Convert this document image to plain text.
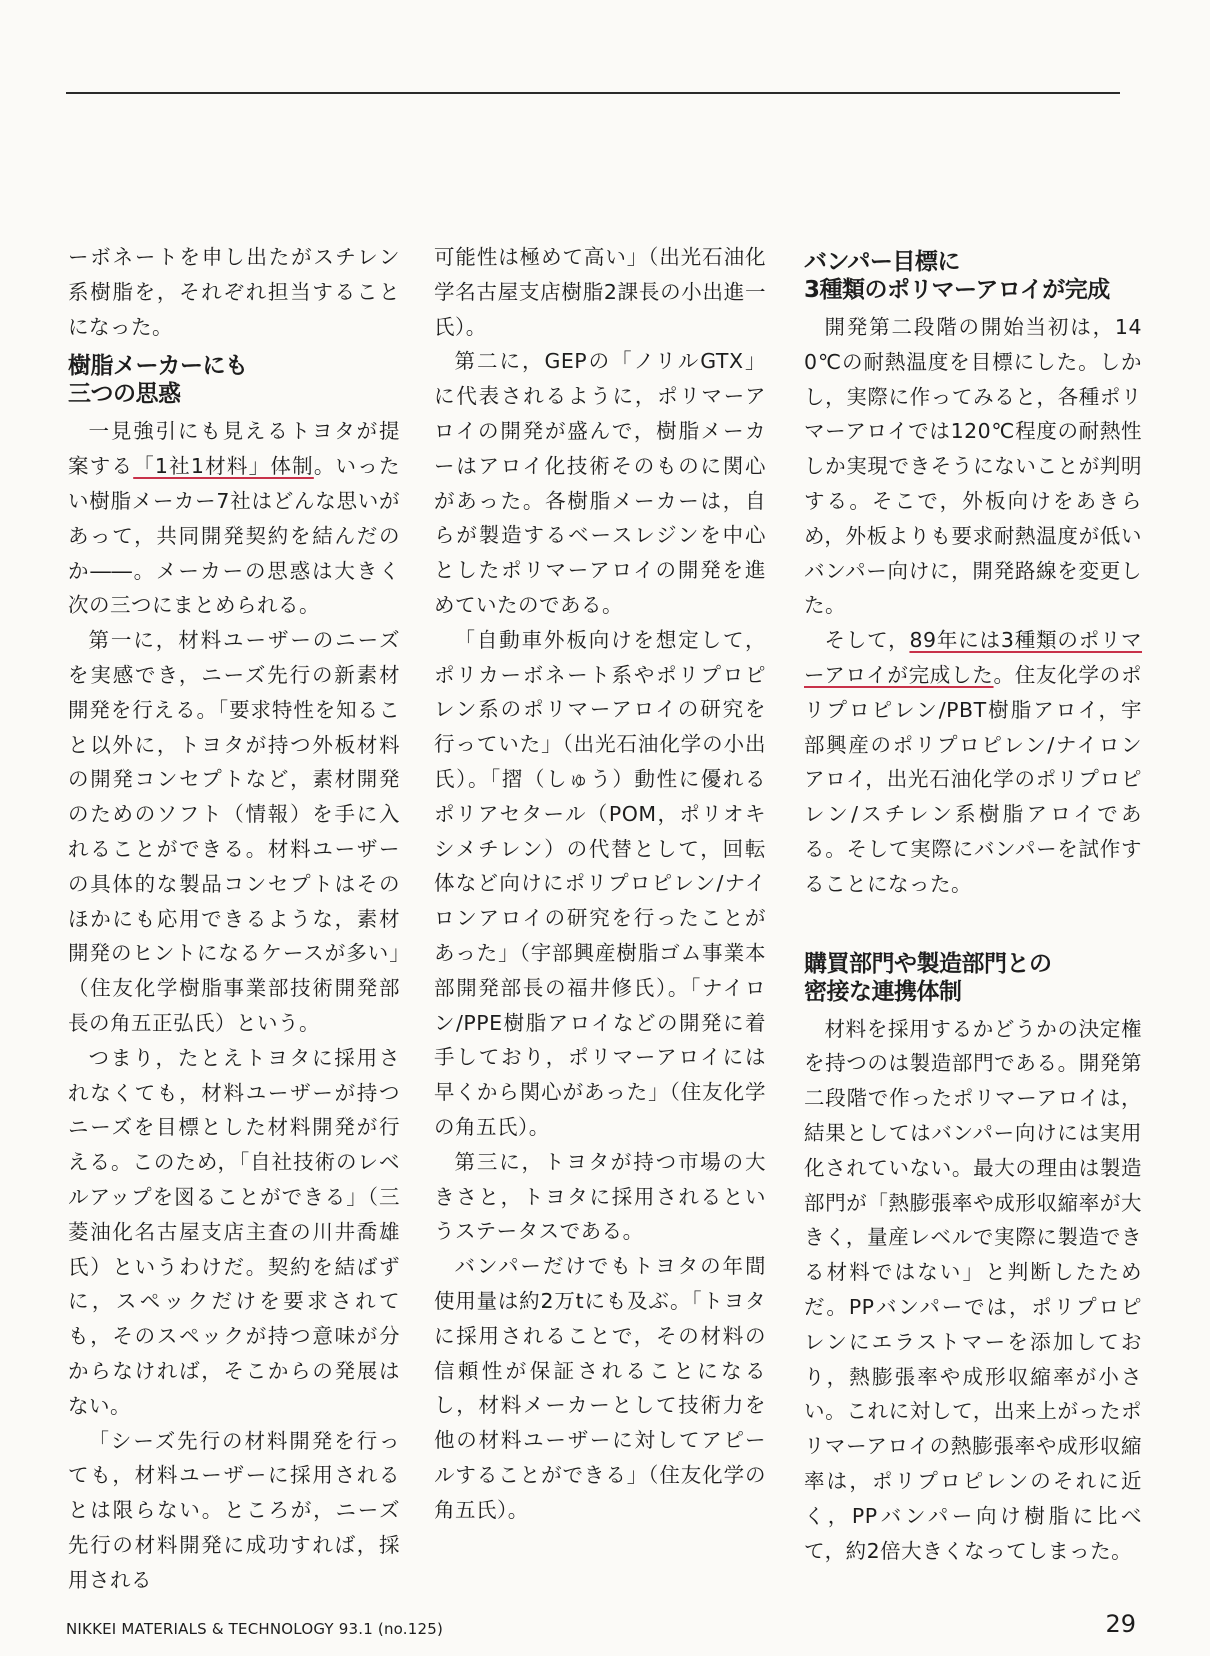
ーボネートを申し出たがスチレン系樹脂を，それぞれ担当することになった。

樹脂メーカーにも
三つの思惑

一見強引にも見えるトヨタが提案する「1社1材料」体制。いったい樹脂メーカー7社はどんな思いがあって，共同開発契約を結んだのか――。メーカーの思惑は大きく次の三つにまとめられる。

第一に，材料ユーザーのニーズを実感でき，ニーズ先行の新素材開発を行える。「要求特性を知ること以外に，トヨタが持つ外板材料の開発コンセプトなど，素材開発のためのソフト（情報）を手に入れることができる。材料ユーザーの具体的な製品コンセプトはそのほかにも応用できるような，素材開発のヒントになるケースが多い」（住友化学樹脂事業部技術開発部長の角五正弘氏）という。

つまり，たとえトヨタに採用されなくても，材料ユーザーが持つニーズを目標とした材料開発が行える。このため，「自社技術のレベルアップを図ることができる」（三菱油化名古屋支店主査の川井喬雄氏）というわけだ。契約を結ばずに，スペックだけを要求されても，そのスペックが持つ意味が分からなければ，そこからの発展はない。

「シーズ先行の材料開発を行っても，材料ユーザーに採用されるとは限らない。ところが，ニーズ先行の材料開発に成功すれば，採用される

可能性は極めて高い」（出光石油化学名古屋支店樹脂2課長の小出進一氏）。

第二に，GEPの「ノリルGTX」に代表されるように，ポリマーアロイの開発が盛んで，樹脂メーカーはアロイ化技術そのものに関心があった。各樹脂メーカーは，自らが製造するベースレジンを中心としたポリマーアロイの開発を進めていたのである。

「自動車外板向けを想定して，ポリカーボネート系やポリプロピレン系のポリマーアロイの研究を行っていた」（出光石油化学の小出氏）。「摺（しゅう）動性に優れるポリアセタール（POM，ポリオキシメチレン）の代替として，回転体など向けにポリプロピレン/ナイロンアロイの研究を行ったことがあった」（宇部興産樹脂ゴム事業本部開発部長の福井修氏）。「ナイロン/PPE樹脂アロイなどの開発に着手しており，ポリマーアロイには早くから関心があった」（住友化学の角五氏）。

第三に，トヨタが持つ市場の大きさと，トヨタに採用されるというステータスである。

バンパーだけでもトヨタの年間使用量は約2万tにも及ぶ。「トヨタに採用されることで，その材料の信頼性が保証されることになるし，材料メーカーとして技術力を他の材料ユーザーに対してアピールすることができる」（住友化学の角五氏）。

バンパー目標に
3種類のポリマーアロイが完成

開発第二段階の開始当初は，140℃の耐熱温度を目標にした。しかし，実際に作ってみると，各種ポリマーアロイでは120℃程度の耐熱性しか実現できそうにないことが判明する。そこで，外板向けをあきらめ，外板よりも要求耐熱温度が低いバンパー向けに，開発路線を変更した。

そして，89年には3種類のポリマーアロイが完成した。住友化学のポリプロピレン/PBT樹脂アロイ，宇部興産のポリプロピレン/ナイロンアロイ，出光石油化学のポリプロピレン/スチレン系樹脂アロイである。そして実際にバンパーを試作することになった。

購買部門や製造部門との
密接な連携体制

材料を採用するかどうかの決定権を持つのは製造部門である。開発第二段階で作ったポリマーアロイは，結果としてはバンパー向けには実用化されていない。最大の理由は製造部門が「熱膨張率や成形収縮率が大きく，量産レベルで実際に製造できる材料ではない」と判断したためだ。PPバンパーでは，ポリプロピレンにエラストマーを添加しており，熱膨張率や成形収縮率が小さい。これに対して，出来上がったポリマーアロイの熱膨張率や成形収縮率は，ポリプロピレンのそれに近く，PPバンパー向け樹脂に比べて，約2倍大きくなってしまった。

NIKKEI MATERIALS & TECHNOLOGY 93.1 (no.125)	29
